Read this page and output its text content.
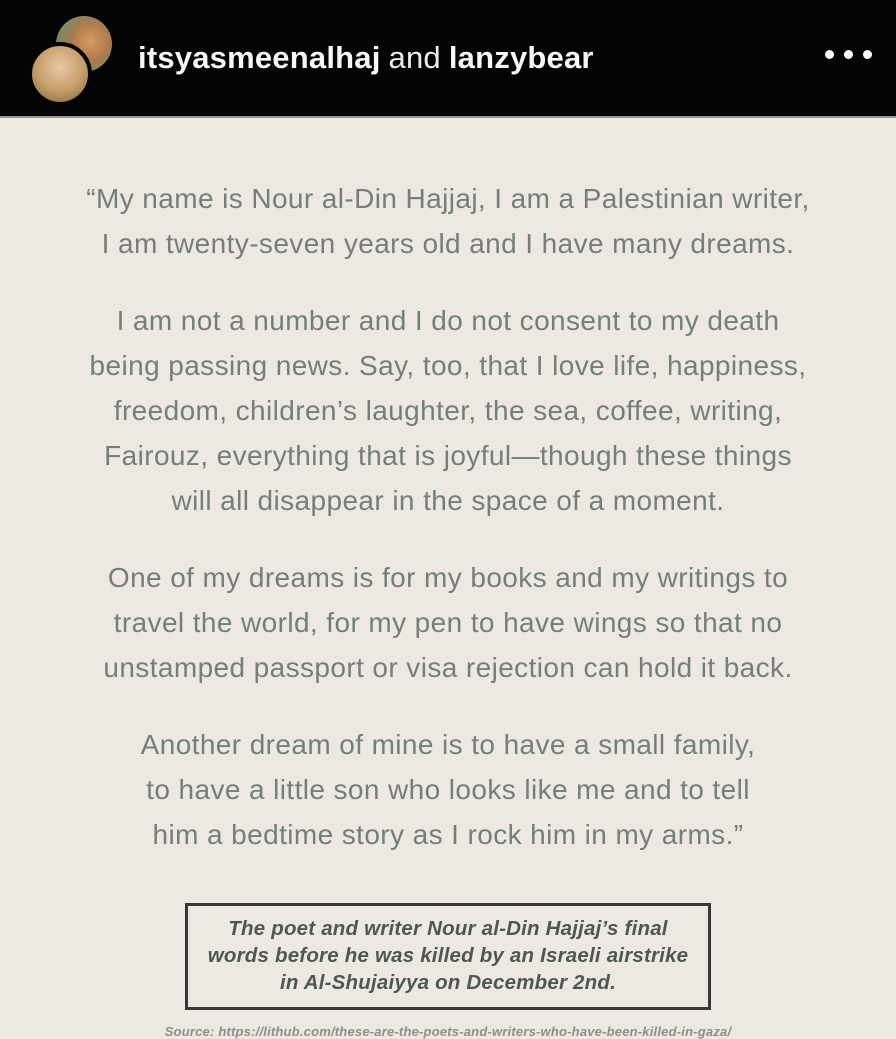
itsyasmeenalhaj and lanzybear

“My name is Nour al-Din Hajjaj, I am a Palestinian writer,
I am twenty-seven years old and I have many dreams.

I am not a number and I do not consent to my death
being passing news. Say, too, that I love life, happiness,
freedom, children’s laughter, the sea, coffee, writing,
Fairouz, everything that is joyful—though these things
will all disappear in the space of a moment.

One of my dreams is for my books and my writings to
travel the world, for my pen to have wings so that no
unstamped passport or visa rejection can hold it back.

Another dream of mine is to have a small family,
to have a little son who looks like me and to tell
him a bedtime story as I rock him in my arms.”

The poet and writer Nour al-Din Hajjaj’s final
words before he was killed by an Israeli airstrike
in Al-Shujaiyya on December 2nd.
Source: https://lithub.com/these-are-the-poets-and-writers-who-have-been-killed-in-gaza/
